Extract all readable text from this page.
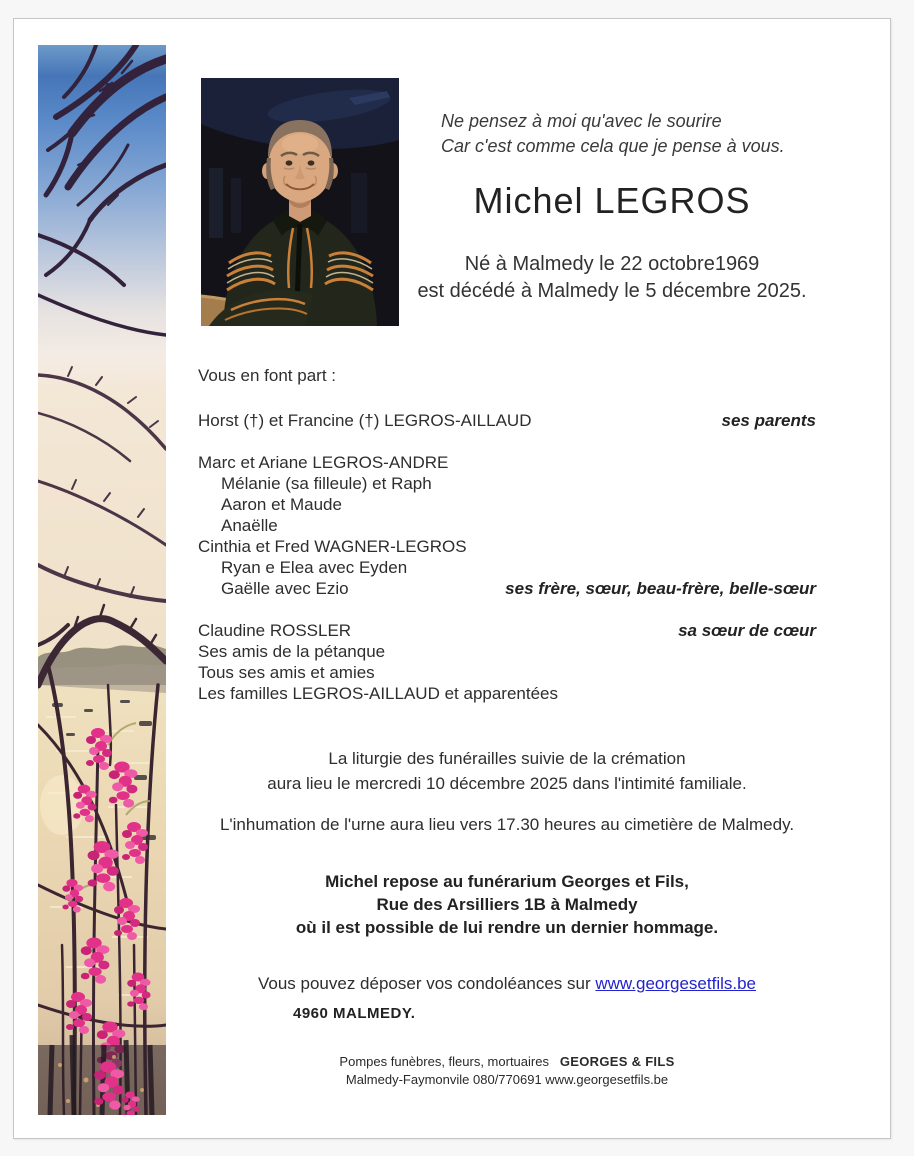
Ne pensez à moi qu'avec le sourire
Car c'est comme cela que je pense à vous.
Michel LEGROS
Né à Malmedy le 22 octobre1969
est décédé à Malmedy le 5 décembre 2025.

Vous en font part :

Horst (†) et Francine (†) LEGROS-AILLAUD	ses parents
Marc et Ariane LEGROS-ANDRE
Mélanie (sa filleule) et Raph
Aaron et Maude
Anaëlle
Cinthia et Fred WAGNER-LEGROS
Ryan e Elea avec Eyden
Gaëlle avec Ezio	ses frère, sœur, beau-frère, belle-sœur
Claudine ROSSLER	sa sœur de cœur
Ses amis de la pétanque
Tous ses amis et amies
Les familles LEGROS-AILLAUD et apparentées

La liturgie des funérailles suivie de la crémation
aura lieu le mercredi 10 décembre 2025 dans l'intimité familiale.

L'inhumation de l'urne aura lieu vers 17.30 heures au cimetière de Malmedy.

Michel repose au funérarium Georges et Fils,
Rue des Arsilliers 1B à Malmedy
où il est possible de lui rendre un dernier hommage.

Vous pouvez déposer vos condoléances sur www.georgesetfils.be

4960 MALMEDY.
Pompes funèbres, fleurs, mortuaires GEORGES & FILS
Malmedy-Faymonvile 080/770691 www.georgesetfils.be
